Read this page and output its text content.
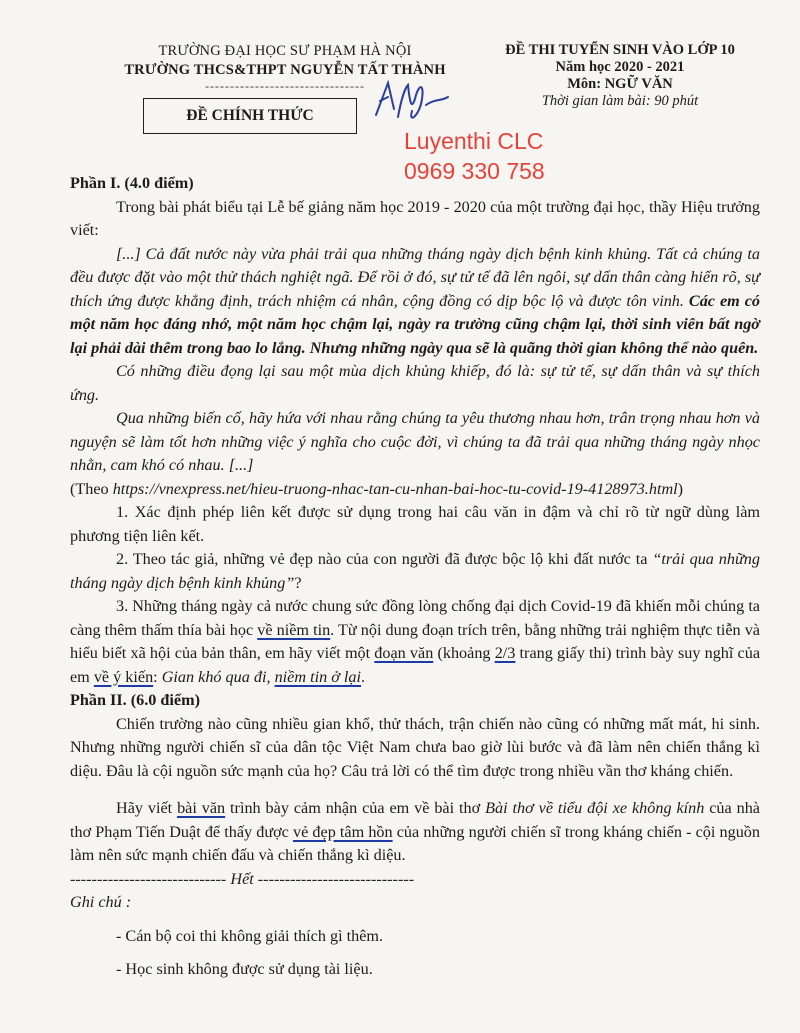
TRƯỜNG ĐẠI HỌC SƯ PHẠM HÀ NỘI
TRƯỜNG THCS&THPT NGUYỄN TẤT THÀNH
--------------------------------
ĐỀ CHÍNH THỨC
ĐỀ THI TUYỂN SINH VÀO LỚP 10
Năm học 2020 - 2021
Môn: NGỮ VĂN
Thời gian làm bài: 90 phút
Luyenthi CLC
0969 330 758

Phần I. (4.0 điểm)

Trong bài phát biểu tại Lễ bế giảng năm học 2019 - 2020 của một trường đại học, thầy Hiệu trưởng viết:

[...] Cả đất nước này vừa phải trải qua những tháng ngày dịch bệnh kinh khủng. Tất cả chúng ta đều được đặt vào một thử thách nghiệt ngã. Để rồi ở đó, sự tử tế đã lên ngôi, sự dấn thân càng hiển rõ, sự thích ứng được khẳng định, trách nhiệm cá nhân, cộng đồng có dịp bộc lộ và được tôn vinh. Các em có một năm học đáng nhớ, một năm học chậm lại, ngày ra trường cũng chậm lại, thời sinh viên bất ngờ lại phải dài thêm trong bao lo lắng. Nhưng những ngày qua sẽ là quãng thời gian không thể nào quên.

Có những điều đọng lại sau một mùa dịch khủng khiếp, đó là: sự tử tế, sự dấn thân và sự thích ứng.

Qua những biến cố, hãy hứa với nhau rằng chúng ta yêu thương nhau hơn, trân trọng nhau hơn và nguyện sẽ làm tốt hơn những việc ý nghĩa cho cuộc đời, vì chúng ta đã trải qua những tháng ngày nhọc nhằn, cam khó có nhau. [...]

(Theo https://vnexpress.net/hieu-truong-nhac-tan-cu-nhan-bai-hoc-tu-covid-19-4128973.html)

1. Xác định phép liên kết được sử dụng trong hai câu văn in đậm và chỉ rõ từ ngữ dùng làm phương tiện liên kết.

2. Theo tác giả, những vẻ đẹp nào của con người đã được bộc lộ khi đất nước ta “trải qua những tháng ngày dịch bệnh kinh khủng”?

3. Những tháng ngày cả nước chung sức đồng lòng chống đại dịch Covid-19 đã khiến mỗi chúng ta càng thêm thấm thía bài học về niềm tin. Từ nội dung đoạn trích trên, bằng những trải nghiệm thực tiễn và hiểu biết xã hội của bản thân, em hãy viết một đoạn văn (khoảng 2/3 trang giấy thi) trình bày suy nghĩ của em về ý kiến: Gian khó qua đi, niềm tin ở lại.

Phần II. (6.0 điểm)

Chiến trường nào cũng nhiều gian khổ, thử thách, trận chiến nào cũng có những mất mát, hi sinh. Nhưng những người chiến sĩ của dân tộc Việt Nam chưa bao giờ lùi bước và đã làm nên chiến thắng kì diệu. Đâu là cội nguồn sức mạnh của họ? Câu trả lời có thể tìm được trong nhiều vần thơ kháng chiến.

Hãy viết bài văn trình bày cảm nhận của em về bài thơ Bài thơ về tiểu đội xe không kính của nhà thơ Phạm Tiến Duật để thấy được vẻ đẹp tâm hồn của những người chiến sĩ trong kháng chiến - cội nguồn làm nên sức mạnh chiến đấu và chiến thắng kì diệu.

----------------------------- Hết -----------------------------

Ghi chú :

- Cán bộ coi thi không giải thích gì thêm.

- Học sinh không được sử dụng tài liệu.
